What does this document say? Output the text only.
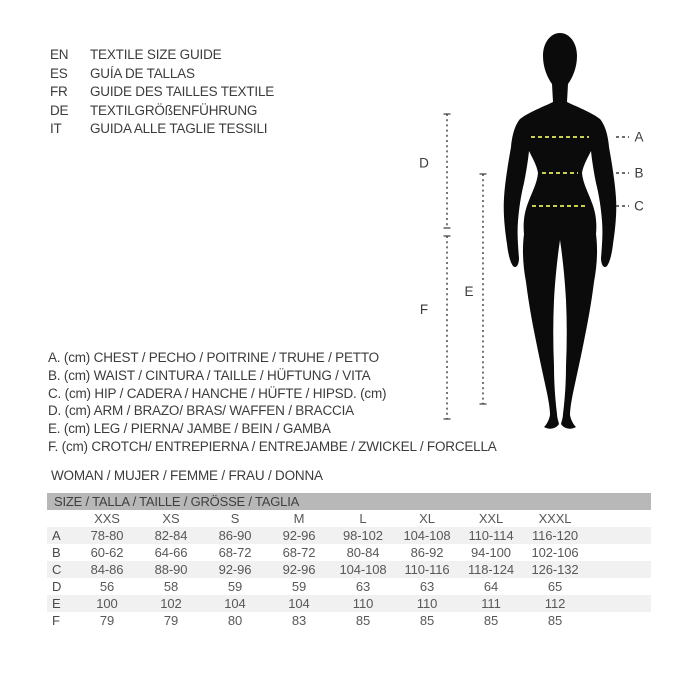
EN	TEXTILE SIZE GUIDE
ES	GUÍA DE TALLAS
FR	GUIDE DES TAILLES TEXTILE
DE	TEXTILGRÖßENFÜHRUNG
IT	GUIDA ALLE TAGLIE TESSILI
A
B
C
D
F
E
A. (cm) CHEST / PECHO / POITRINE / TRUHE / PETTO
B. (cm) WAIST / CINTURA / TAILLE / HÜFTUNG / VITA
C. (cm) HIP / CADERA / HANCHE / HÜFTE / HIPSD. (cm)
D. (cm) ARM / BRAZO/ BRAS/ WAFFEN / BRACCIA
E. (cm) LEG / PIERNA/ JAMBE / BEIN / GAMBA
F. (cm) CROTCH/ ENTREPIERNA / ENTREJAMBE / ZWICKEL / FORCELLA
WOMAN / MUJER / FEMME / FRAU / DONNA
SIZE / TALLA / TAILLE / GRÖSSE / TAGLIA
XXS	XS	S	M	L	XL	XXL	XXXL
A	78-80	82-84	86-90	92-96	98-102	104-108	110-114	116-120
B	60-62	64-66	68-72	68-72	80-84	86-92	94-100	102-106
C	84-86	88-90	92-96	92-96	104-108	110-116	118-124	126-132
D	56	58	59	59	63	63	64	65
E	100	102	104	104	110	110	111	112
F	79	79	80	83	85	85	85	85
